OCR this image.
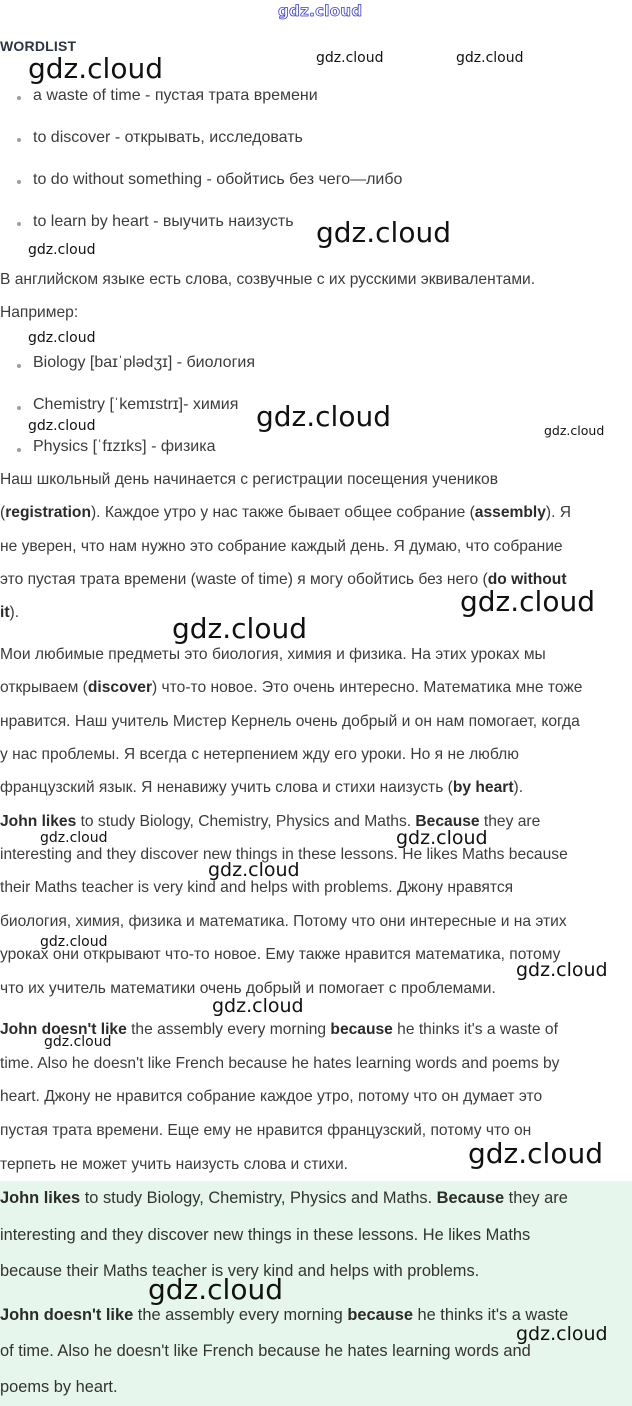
gdz.cloud
WORDLIST
a waste of time - пустая трата времени
to discover - открывать, исследовать
to do without something - обойтись без чего—либо
to learn by heart - выучить наизусть
В английском языке есть слова, созвучные с их русскими эквивалентами.
Например:
Biology [baɪˈplədʒɪ] - биология
Chemistry [ˈkemɪstrɪ]- химия
Physics [ˈfɪzɪks] - физика
Наш школьный день начинается с регистрации посещения учеников
(registration). Каждое утро у нас также бывает общее собрание (assembly). Я
не уверен, что нам нужно это собрание каждый день. Я думаю, что собрание
это пустая трата времени (waste of time) я могу обойтись без него (do without
it).
Мои любимые предметы это биология, химия и физика. На этих уроках мы
открываем (discover) что-то новое. Это очень интересно. Математика мне тоже
нравится. Наш учитель Мистер Кернель очень добрый и он нам помогает, когда
у нас проблемы. Я всегда с нетерпением жду его уроки. Но я не люблю
французский язык. Я ненавижу учить слова и стихи наизусть (by heart).
John likes to study Biology, Chemistry, Physics and Maths. Because they are
interesting and they discover new things in these lessons. He likes Maths because
their Maths teacher is very kind and helps with problems. Джону нравятся
биология, химия, физика и математика. Потому что они интересные и на этих
уроках они открывают что-то новое. Ему также нравится математика, потому
что их учитель математики очень добрый и помогает с проблемами.
John doesn't like the assembly every morning because he thinks it's a waste of
time. Also he doesn't like French because he hates learning words and poems by
heart. Джону не нравится собрание каждое утро, потому что он думает это
пустая трата времени. Еще ему не нравится французский, потому что он
терпеть не может учить наизусть слова и стихи.
John likes to study Biology, Chemistry, Physics and Maths. Because they are
interesting and they discover new things in these lessons. He likes Maths
because their Maths teacher is very kind and helps with problems.
John doesn't like the assembly every morning because he thinks it's a waste
of time. Also he doesn't like French because he hates learning words and
poems by heart.
gdz.cloud	gdz.cloud	gdz.cloud
gdz.cloud
gdz.cloud
gdz.cloud
gdz.cloud
gdz.cloud	gdz.cloud
gdz.cloud
gdz.cloud
gdz.cloud	gdz.cloud
gdz.cloud
gdz.cloud
gdz.cloud
gdz.cloud
gdz.cloud
gdz.cloud
gdz.cloud
gdz.cloud
